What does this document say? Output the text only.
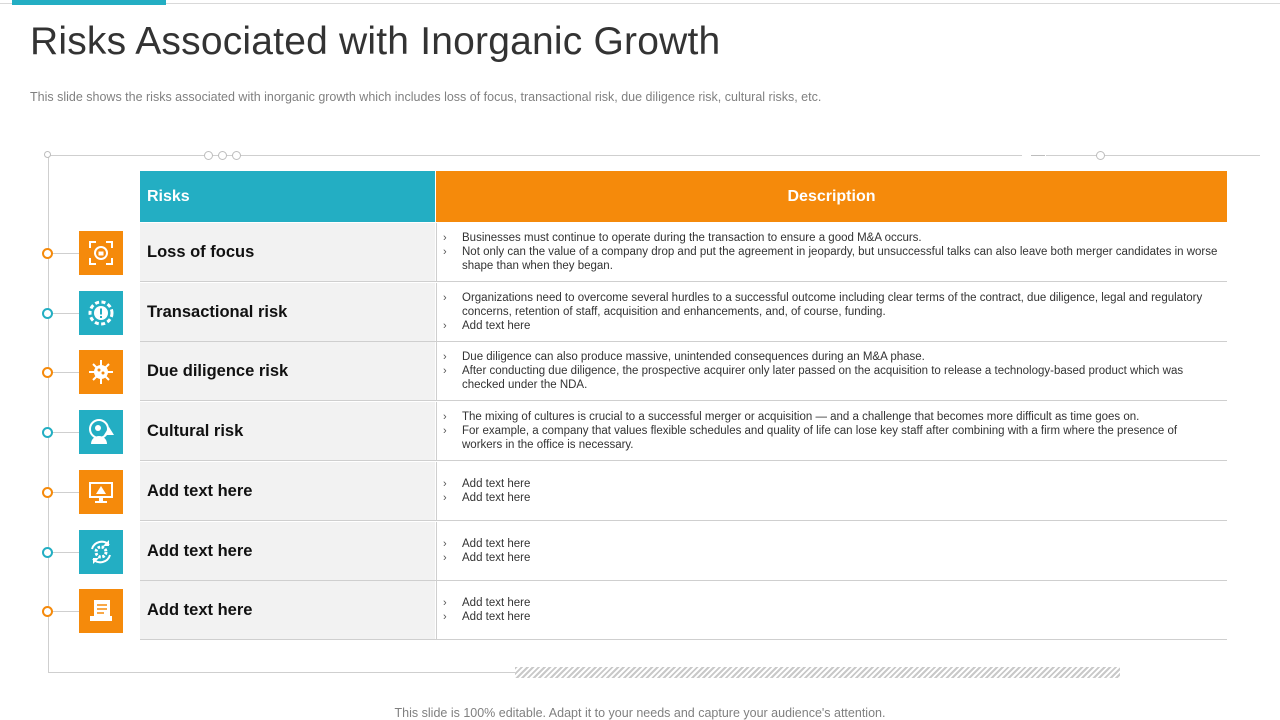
Risks Associated with Inorganic Growth

This slide shows the risks associated with inorganic growth which includes loss of focus, transactional risk, due diligence risk, cultural risks, etc.

Risks	Description
Loss of focus
›	Businesses must continue to operate during the transaction to ensure a good M&A occurs.
›	Not only can the value of a company drop and put the agreement in jeopardy, but unsuccessful talks can also leave both merger candidates in worse shape than when they began.
Transactional risk
›	Organizations need to overcome several hurdles to a successful outcome including clear terms of the contract, due diligence, legal and regulatory concerns, retention of staff, acquisition and enhancements, and, of course, funding.
›	Add text here
Due diligence risk
›	Due diligence can also produce massive, unintended consequences during an M&A phase.
›	After conducting due diligence, the prospective acquirer only later passed on the acquisition to release a technology-based product which was checked under the NDA.
Cultural risk
›	The mixing of cultures is crucial to a successful merger or acquisition — and a challenge that becomes more difficult as time goes on.
›	For example, a company that values flexible schedules and quality of life can lose key staff after combining with a firm where the presence of workers in the office is necessary.
Add text here	›	Add text here
›	Add text here
Add text here	›	Add text here
›	Add text here
Add text here	›	Add text here
›	Add text here

This slide is 100% editable. Adapt it to your needs and capture your audience's attention.
